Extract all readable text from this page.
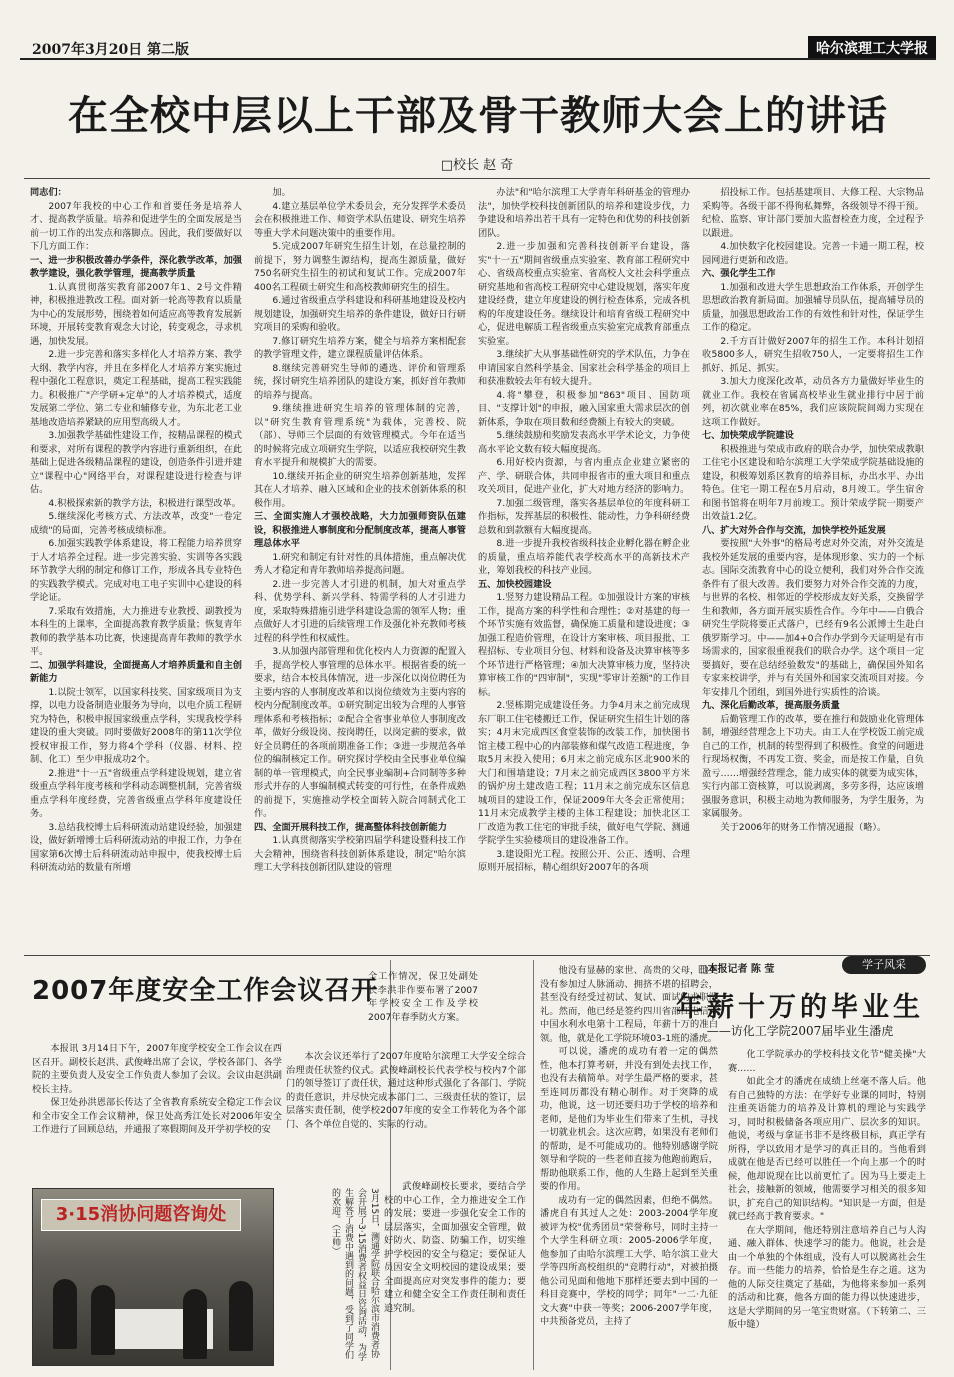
2007年3月20日 第二版	哈尔滨理工大学报
在全校中层以上干部及骨干教师大会上的讲话
□校长 赵 奇

同志们：

2007年我校的中心工作和首要任务是培养人才、提高教学质量。培养和促进学生的全面发展是当前一切工作的出发点和落脚点。因此，我们要做好以下几方面工作：

一、进一步积极改善办学条件，深化教学改革，加强教学建设，强化教学管理，提高教学质量

1.认真贯彻落实教育部2007年1、2号文件精神，积极推进教改工程。面对新一轮高等教育以质量为中心的发展形势，围绕着如何适应高等教育发展新环境，开展转变教育观念大讨论，转变观念，寻求机遇，加快发展。

2.进一步完善和落实多样化人才培养方案、教学大纲、教学内容，并且在多样化人才培养方案实施过程中强化工程意识，奠定工程基础，提高工程实践能力。积极推广"产学研+定单"的人才培养模式，适度发展第二学位、第二专业和辅修专业，为东北老工业基地改造培养紧缺的应用型高级人才。

3.加强教学基础性建设工作，按精品课程的模式和要求，对所有课程的教学内容进行重新组织，在此基础上促进各级精品课程的建设，创造条件引进并建立"课程中心"网络平台，对课程建设进行检查与评估。

4.积极探索新的教学方法，积极进行课型改革。

5.继续深化考核方式、方法改革，改变"一卷定成绩"的局面，完善考核成绩标准。

6.加强实践教学体系建设，将工程能力培养贯穿于人才培养全过程。进一步完善实验、实训等各实践环节教学大纲的制定和修订工作，形成各具专业特色的实践教学模式。完成对电工电子实训中心建设的科学论证。

7.采取有效措施，大力推进专业教授、副教授为本科生的上课率，全面提高教育教学质量；恢复青年教师的教学基本功比赛，快速提高青年教师的教学水平。

二、加强学科建设，全面提高人才培养质量和自主创新能力

1.以院士领军，以国家科技奖、国家级项目为支撑，以电力设备制造业服务为导向，以电介质工程研究为特色，积极申报国家级重点学科，实现我校学科建设的重大突破。同时要做好2008年的第11次学位授权审报工作，努力将4个学科（仪器、材料、控制、化工）至少申报成功2个。

2.推进"十一五"省级重点学科建设规划，建立省级重点学科年度考核和学科动态调整机制，完善省级重点学科年度经费，完善省级重点学科年度建设任务。

3.总结我校博士后科研流动站建设经验，加强建设，做好新增博士后科研流动站的申报工作，力争在国家第6次博士后科研流动站申报中，使我校博士后科研流动站的数量有所增

加。

4.建立基层单位学术委员会，充分发挥学术委员会在积极推进工作、师资学术队伍建设、研究生培养等重大学术问题决策中的重要作用。

5.完成2007年研究生招生计划，在总量控制的前提下，努力调整生源结构，提高生源质量，做好750名研究生招生的初试和复试工作。完成2007年400名工程硕士研究生和高校教师研究生的招生。

6.通过省级重点学科建设和科研基地建设及校内规划建设，加强研究生培养的条件建设，做好日行研究项目的采购和验收。

7.修订研究生培养方案，健全与培养方案相配套的教学管理文件，建立课程质量评估体系。

8.继续完善研究生导师的遴选、评价和管理系统，探讨研究生培养团队的建设方案，抓好首年教师的培养与提高。

9.继续推进研究生培养的管理体制的完善，以"研究生教育管理系统"为载体，完善校、院（部）、导师三个层面的有效管理模式。今年在适当的时候将完成立项研究生学院，以适应我校研究生教育水平提升和规模扩大的需要。

10.继续开拓企业的研究生培养创新基地，发挥其在人才培养、融入区域和企业的技术创新体系的积极作用。

三、全面实施人才强校战略，大力加强师资队伍建设，积极推进人事制度和分配制度改革，提高人事管理总体水平

1.研究和制定有针对性的具体措施，重点解决优秀人才稳定和青年教师培养提高问题。

2.进一步完善人才引进的机制，加大对重点学科、优势学科、新兴学科、特需学科的人才引进力度，采取特殊措施引进学科建设急需的领军人物；重点做好人才引进的后续管理工作及强化补充教师考核过程的科学性和权威性。

3.从加强内部管理和优化校内人力资源的配置入手，提高学校人事管理的总体水平。根据省委的统一要求，结合本校具体情况，进一步深化以岗位聘任为主要内容的人事制度改革和以岗位绩效为主要内容的校内分配制度改革。①研究制定出较为合理的人事管理体系和考核指标；②配合全省事业单位人事制度改革，做好分级设岗、按岗聘任，以岗定薪的要求，做好全员聘任的各项前期准备工作；③进一步规范各单位的编制核定工作。研究探讨学校由全民事业单位编制的单一管理模式，向全民事业编制+合同制等多种形式并存的人事编制模式转变的可行性，在条件成熟的前提下，实施推动学校全面转入院合同制式化工作。

四、全面开展科技工作，提高整体科技创新能力

1.认真贯彻落实学校第四届学科建设暨科技工作大会精神，围绕省科技创新体系建设，制定"哈尔滨理工大学科技创新团队建设的管理

办法"和"哈尔滨理工大学青年科研基金的管理办法"，加快学校科技创新团队的培养和建设步伐，力争建设和培养出若干具有一定特色和优势的科技创新团队。

2.进一步加强和完善科技创新平台建设，落实"十一五"期间省级重点实验室、教育部工程研究中心、省级高校重点实验室、省高校人文社会科学重点研究基地和省高校工程研究中心建设规划，落实年度建设经费，建立年度建设的例行检查体系，完成各机构的年度建设任务。继续设计和培育省级工程研究中心，促进电解质工程省级重点实验室完成教育部重点实验室。

3.继续扩大从事基础性研究的学术队伍，力争在申请国家自然科学基金、国家社会科学基金的项目上和获准数较去年有较大提升。

4.将"攀登，积极参加"863"项目、国防项目、"支撑计划"的申报，融入国家重大需求层次的创新体系，争取在项目数和经费额上有较大的突破。

5.继续鼓励和奖励发表高水平学术论文，力争使高水平论文数有较大幅度提高。

6.用好校内资源，与省内重点企业建立紧密的产、学、研联合体，共同申报省市的重大项目和重点攻关项目，促进产业化，扩大对地方经济的影响力。

7.加强二级管理，落实各基层单位的年度科研工作指标，发挥基层的积极性、能动性，力争科研经费总数和到款额有大幅度提高。

8.进一步提升我校省级科技企业孵化器在孵企业的质量，重点培养能代表学校高水平的高新技术产业，筹划我校的科技产业园。

五、加快校园建设

1.竖努力建设精品工程。①加强设计方案的审核工作，提高方案的科学性和合理性；②对基建的每一个环节实施有效监督，确保施工质量和建设进度；③加强工程造价管理，在设计方案审核、项目报批、工程招标、专业项目分包、材料和设备及决算审核等多个环节进行严格管理；④加大决算审核力度，坚持决算审核工作的"四审制"，实现"零审计差额"的工作目标。

2.竖栋期完成建设任务。力争4月末之前完成现东厂职工住宅楼搬迁工作，保证研究生招生计划的落实；4月末完成西区食堂装饰的改装工作，加快图书馆主楼工程中心的内部装修和煤气改造工程进度，争取5月末投入使用；6月末之前完成东区北900米的大门和围墙建设；7月末之前完成西区3800平方米的锅炉房土建改造工程；11月末之前完成东区信息城项目的建设工作，保证2009年大冬会正常使用；11月末完成教学主楼的主体工程建设；加快北区工厂改造为教工住宅的审批手续，做好电气学院、测通学院学生实验楼项目的建设准备工作。

3.建设阳光工程。按照公开、公正、透明、合理原则开展招标，精心组织好2007年的各项

招投标工作。包括基建项目、大修工程、大宗物品采购等。各级干部不得徇私舞弊，各级领导不得干预。纪检、监察、审计部门要加大监督检查力度，全过程予以跟进。

4.加快数字化校园建设。完善一卡通一期工程，校园网进行更新和改造。

六、强化学生工作

1.加强和改进大学生思想政治工作体系，开创学生思想政治教育新局面。加强辅导员队伍，提高辅导员的质量，加强思想政治工作的有效性和针对性，保证学生工作的稳定。

2.千方百计做好2007年的招生工作。本科计划招收5800多人，研究生招收750人，一定要将招生工作抓好、抓足、抓实。

3.加大力度深化改革，动员各方力量做好毕业生的就业工作。我校在省属高校毕业生就业排行中居于前列，初次就业率在85%，我们应该院院间竭力实现在这项工作做好。

七、加快荣成学院建设

积极推进与荣成市政府的联合办学，加快荣成教职工住宅小区建设和哈尔滨理工大学荣成学院基础设施的建设，积极筹划系区教育的培养目标，办出水平、办出特色。住宅一期工程在5月启动，8月竣工。学生宿舍和图书馆将在明年7月前竣工。预计荣成学院一期要产出效益1.2亿。

八、扩大对外合作与交流，加快学校外延发展

要按照"大外事"的格局考虑对外交流，对外交流是我校外延发展的重要内容，是体现形象、实力的一个标志。国际交流教育中心的设立便利，我们对外合作交流条件有了很大改善。我们要努力对外合作交流的力度，与世界的名校、相邻近的学校形成友好关系，交换留学生和教师，各方面开展实质性合作。今年中——白俄合研究生学院将要正式落户，已经有9名公派博士生赴白俄罗斯学习。中——加4+0合作办学到今天证明是有市场需求的，国家很重视我们的联合办学。这个项目一定要搞好，要在总结经验数发"的基础上，确保国外知名专家来校讲学，并与有关国外和国家交流项目对接。今年安排几个团组，到国外进行实质性的洽谈。

九、深化后勤改革，提高服务质量

后勤管理工作的改革，要在推行和鼓励业化管理体制，增强经营理念上下功夫。由工人在学校饭工前完成自己的工作，机制的转型得到了积极性。食堂的问题进行现场权衡，不再发工资、奖金，而是按工作量，自负盈亏……增强经营理念，能力成实体的就要为成实体，实行内部工资核算，可以说剥离，多劳多得，达应该增强服务意识，积极主动地为教师服务，为学生服务，为家属服务。

关于2006年的财务工作情况通报（略）。

2007年度安全工作会议召开
全工作情况，保卫处副处长李洪非作要布署了2007年学校安全工作及学校2007年春季防火方案。

本报讯 3月14日下午，2007年度学校安全工作会议在西区召开。副校长赵洪、武俊峰出席了会议，学校各部门、各学院的主要负责人及安全工作负责人参加了会议。会议由赵洪副校长主持。

保卫处孙洪恩部长传达了全省教育系统安全稳定工作会议和全市安全工作会议精神，保卫处高秀江处长对2006年安全工作进行了回顾总结，并通报了寒假期间及开学初学校的安

本次会议还举行了2007年度哈尔滨理工大学安全综合治理责任状签约仪式。武俊峰副校长代表学校与校内7个部门的领导签订了责任状，通过这种形式强化了各部门、学院的责任意识，并尽快完成本部门二、三级责任状的签订，层层落实责任制，使学校2007年度的安全工作转化为各个部门、各个单位自觉的、实际的行动。

武俊峰副校长要求，要结合学校的中心工作，全力推进安全工作的发展；要进一步强化安全工作的层层落实，全面加强安全管理，做好防火、防盗、防骗工作，切实维护学校园的安全与稳定；要保证人员因安全文明校园的建设成果；要全面提高应对突发事件的能力；要建立和健全安全工作责任制和责任追究制。

3·15消协问题咨询处	3月15日，测通学院联合哈尔滨市消费者协会开展了3·15消费者权益日咨询活动，为学生解答了消费中遇到的问题，受到了同学们的欢迎。（王帅）
□本报记者 陈 莹	学子风采
年薪十万的毕业生
——访化工学院2007届毕业生潘虎

他没有显赫的家世、高贵的父母，他更没有参加过人脉涌动、拥挤不堪的招聘会，甚至没有经受过初试、复试、面试的求职洗礼。然而，他已经是签约四川省邵江电信市中国水利水电第十工程局，年薪十万的准白领。他，就是化工学院环境03-1班的潘虎。

可以说，潘虎的成功有着一定的偶然性，他本打算考研，并没有到处去找工作，也没有去稿简单。对学生最严格的要求，甚至连同历都没有精心制作。对于突降的成功，他说，这一切还要归功于学校的培养和老师，是他们为毕业生们带来了生机，寻找一切就业机会。这次应聘，如果没有老师们的帮助，是不可能成功的。他特别感谢学院领导和学院的一些老师直接为他跑前跑后，帮助他联系工作，他的人生路上起到至关重要的作用。

成功有一定的偶然因素，但绝不偶然。潘虎自有其过人之处：2003-2004学年度被评为校"优秀团员"荣誉称号，同时主持一个大学生科研立项：2005-2006学年度，他参加了由哈尔滨理工大学、哈尔滨工业大学等四所高校组织的"竞聘行动"，对被拍摄他公司见面和他地下那样还要去到中国的一科目竞赛中，学校的同学；同年"一二·九征文大赛"中获一等奖；2006-2007学年度，中共预备党员，主持了

化工学院承办的学校科技文化节"健美操"大赛……

如此全才的潘虎在成绩上丝毫不落人后。他有自己独特的方法：在学好专业课的同时，特别注重英语能力的培养及计算机的理论与实践学习，同时积极储备各项应用广、层次多的知识。他说，考级与拿证书非不是终极目标，真正学有所得，学以致用才是学习的真正目的。当他看到成就在他是否已经可以胜任一个向上那一个的时候，他却说现在比以前更忙了。因为马上要走上社会，接触新的领域，他需要学习相关的很多知识，扩充自己的知识结构。"知识是一方面，但是就已经高于教育要求。"

在大学期间，他还特别注意培养自己与人沟通、融入群体、快速学习的能力。他说，社会是由一个单独的个体组成，没有人可以脱离社会生存。而一些能力的培养，恰恰是生存之道。这为他的人际交往奠定了基础，为他将来参加一系列的活动和比赛，他各方面的能力得以快速进步，这是大学期间的另一笔宝贵财富。（下转第二、三版中缝）
